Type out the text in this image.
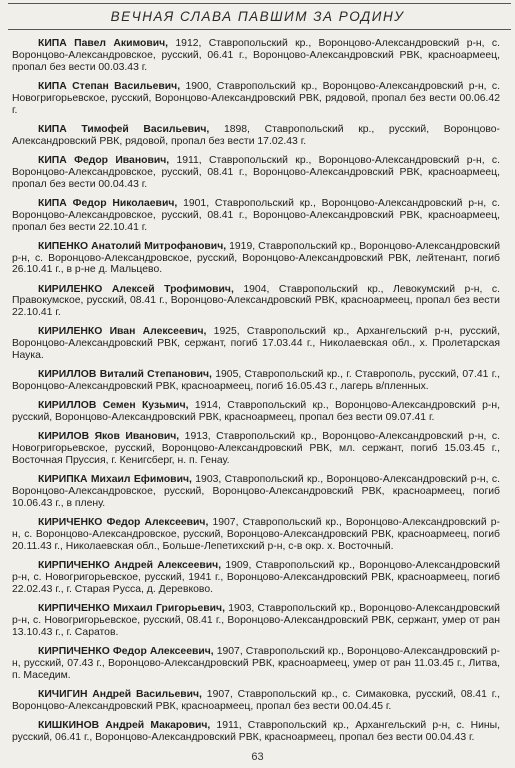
ВЕЧНАЯ СЛАВА ПАВШИМ ЗА РОДИНУ

КИПА Павел Акимович, 1912, Ставропольский кр., Воронцово-Александровский р-н, с. Воронцово-Александровское, русский, 06.41 г., Воронцово-Александровский РВК, красноармеец, пропал без вести 00.03.43 г.

КИПА Степан Васильевич, 1900, Ставропольский кр., Воронцово-Александровский р-н, с. Новогригорьевское, русский, Воронцово-Александровский РВК, рядовой, пропал без вести 00.06.42 г.

КИПА Тимофей Васильевич, 1898, Ставропольский кр., русский, Воронцово-Александровский РВК, рядовой, пропал без вести 17.02.43 г.

КИПА Федор Иванович, 1911, Ставропольский кр., Воронцово-Александровский р-н, с. Воронцово-Александровское, русский, 08.41 г., Воронцово-Александровский РВК, красноармеец, пропал без вести 00.04.43 г.

КИПА Федор Николаевич, 1901, Ставропольский кр., Воронцово-Александровский р-н, с. Воронцово-Александровское, русский, 08.41 г., Воронцово-Александровский РВК, красноармеец, пропал без вести 22.10.41 г.

КИПЕНКО Анатолий Митрофанович, 1919, Ставропольский кр., Воронцово-Александровский р-н, с. Воронцово-Александровское, русский, Воронцово-Александровский РВК, лейтенант, погиб 26.10.41 г., в р-не д. Мальцево.

КИРИЛЕНКО Алексей Трофимович, 1904, Ставропольский кр., Левокумский р-н, с. Правокумское, русский, 08.41 г., Воронцово-Александровский РВК, красноармеец, пропал без вести 22.10.41 г.

КИРИЛЕНКО Иван Алексеевич, 1925, Ставропольский кр., Архангельский р-н, русский, Воронцово-Александровский РВК, сержант, погиб 17.03.44 г., Николаевская обл., х. Пролетарская Наука.

КИРИЛЛОВ Виталий Степанович, 1905, Ставропольский кр., г. Ставрополь, русский, 07.41 г., Воронцово-Александровский РВК, красноармеец, погиб 16.05.43 г., лагерь в/пленных.

КИРИЛЛОВ Семен Кузьмич, 1914, Ставропольский кр., Воронцово-Александровский р-н, русский, Воронцово-Александровский РВК, красноармеец, пропал без вести 09.07.41 г.

КИРИЛОВ Яков Иванович, 1913, Ставропольский кр., Воронцово-Александровский р-н, с. Новогригорьевское, русский, Воронцово-Александровский РВК, мл. сержант, погиб 15.03.45 г., Восточная Пруссия, г. Кенигсберг, н. п. Генау.

КИРИПКА Михаил Ефимович, 1903, Ставропольский кр., Воронцово-Александровский р-н, с. Воронцово-Александровское, русский, Воронцово-Александровский РВК, красноармеец, погиб 10.06.43 г., в плену.

КИРИЧЕНКО Федор Алексеевич, 1907, Ставропольский кр., Воронцово-Александровский р-н, с. Воронцово-Александровское, русский, Воронцово-Александровский РВК, красноармеец, погиб 20.11.43 г., Николаевская обл., Больше-Лепетихский р-н, с-в окр. х. Восточный.

КИРПИЧЕНКО Андрей Алексеевич, 1909, Ставропольский кр., Воронцово-Александровский р-н, с. Новогригорьевское, русский, 1941 г., Воронцово-Александровский РВК, красноармеец, погиб 22.02.43 г., г. Старая Русса, д. Деревково.

КИРПИЧЕНКО Михаил Григорьевич, 1903, Ставропольский кр., Воронцово-Александровский р-н, с. Новогригорьевское, русский, 08.41 г., Воронцово-Александровский РВК, сержант, умер от ран 13.10.43 г., г. Саратов.

КИРПИЧЕНКО Федор Алексеевич, 1907, Ставропольский кр., Воронцово-Александровский р-н, русский, 07.43 г., Воронцово-Александровский РВК, красноармеец, умер от ран 11.03.45 г., Литва, п. Маседим.

КИЧИГИН Андрей Васильевич, 1907, Ставропольский кр., с. Симаковка, русский, 08.41 г., Воронцово-Александровский РВК, красноармеец, пропал без вести 00.04.45 г.

КИШКИНОВ Андрей Макарович, 1911, Ставропольский кр., Архангельский р-н, с. Нины, русский, 06.41 г., Воронцово-Александровский РВК, красноармеец, пропал без вести 00.04.43 г.

63
